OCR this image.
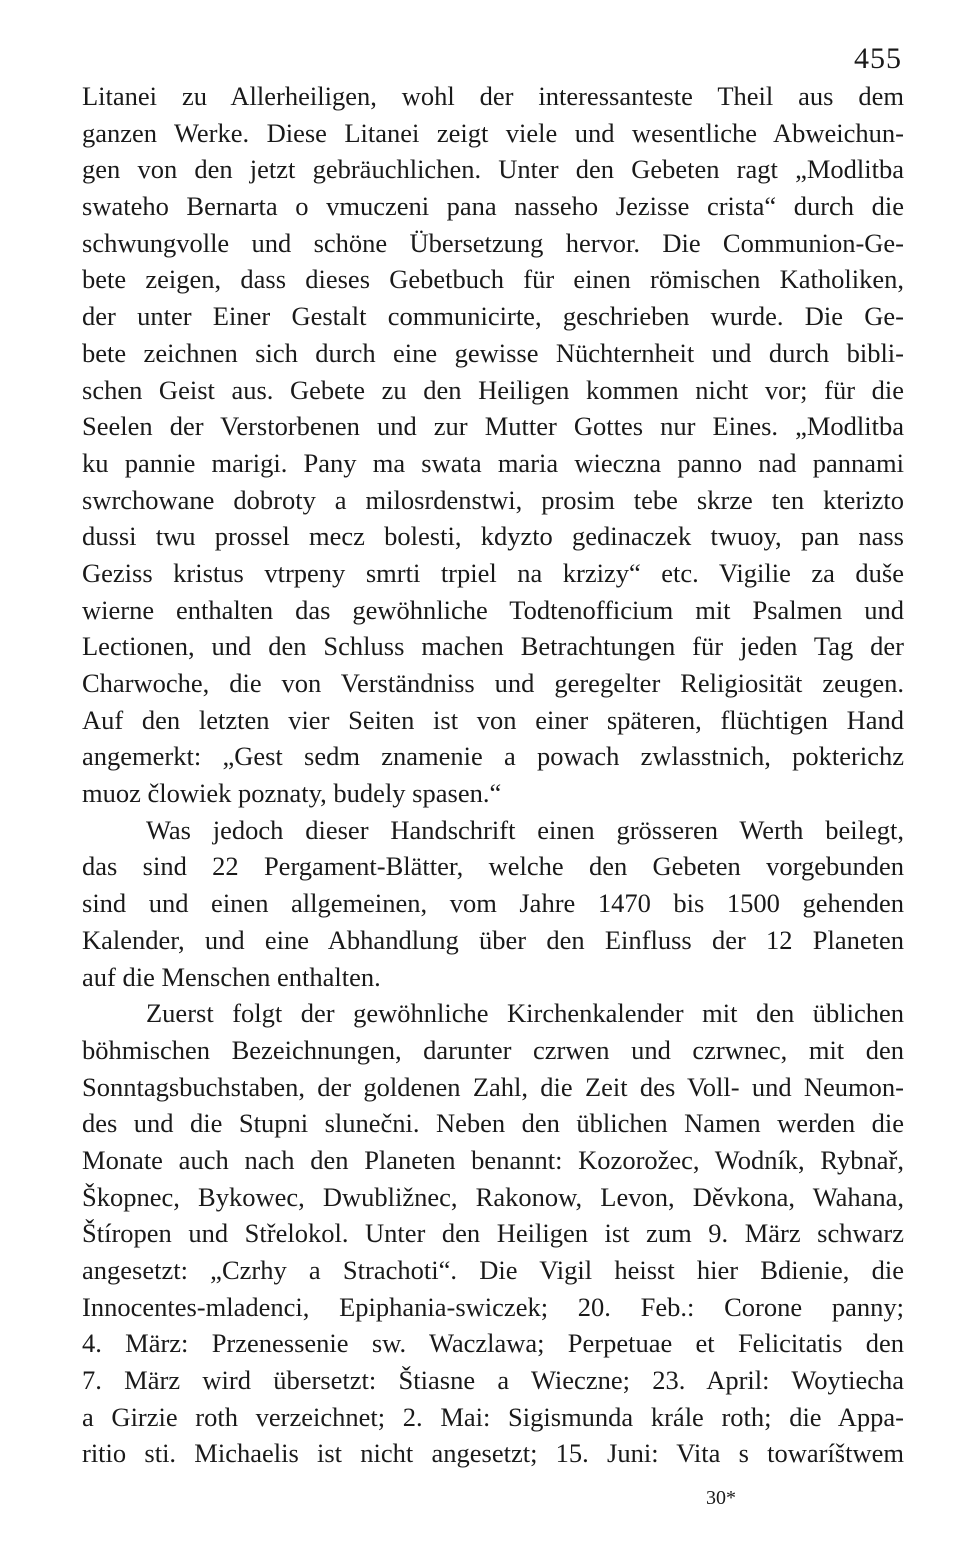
455
Litanei zu Allerheiligen, wohl der interessanteste Theil aus dem
ganzen Werke. Diese Litanei zeigt viele und wesentliche Abweichun-
gen von den jetzt gebräuchlichen. Unter den Gebeten ragt „Modlitba
swateho Bernarta o vmuczeni pana nasseho Jezisse crista“ durch die
schwungvolle und schöne Übersetzung hervor. Die Communion-Ge-
bete zeigen, dass dieses Gebetbuch für einen römischen Katholiken,
der unter Einer Gestalt communicirte, geschrieben wurde. Die Ge-
bete zeichnen sich durch eine gewisse Nüchternheit und durch bibli-
schen Geist aus. Gebete zu den Heiligen kommen nicht vor; für die
Seelen der Verstorbenen und zur Mutter Gottes nur Eines. „Modlitba
ku pannie marigi. Pany ma swata maria wieczna panno nad pannami
swrchowane dobroty a milosrdenstwi, prosim tebe skrze ten kterizto
dussi twu prossel mecz bolesti, kdyzto gedinaczek twuoy, pan nass
Geziss kristus vtrpeny smrti trpiel na krzizy“ etc. Vigilie za duše
wierne enthalten das gewöhnliche Todtenofficium mit Psalmen und
Lectionen, und den Schluss machen Betrachtungen für jeden Tag der
Charwoche, die von Verständniss und geregelter Religiosität zeugen.
Auf den letzten vier Seiten ist von einer späteren, flüchtigen Hand
angemerkt: „Gest sedm znamenie a powach zwlasstnich, pokterichz
muoz člowiek poznaty, budely spasen.“
Was jedoch dieser Handschrift einen grösseren Werth beilegt,
das sind 22 Pergament-Blätter, welche den Gebeten vorgebunden
sind und einen allgemeinen, vom Jahre 1470 bis 1500 gehenden
Kalender, und eine Abhandlung über den Einfluss der 12 Planeten
auf die Menschen enthalten.
Zuerst folgt der gewöhnliche Kirchenkalender mit den üblichen
böhmischen Bezeichnungen, darunter czrwen und czrwnec, mit den
Sonntagsbuchstaben, der goldenen Zahl, die Zeit des Voll- und Neumon-
des und die Stupni slunečni. Neben den üblichen Namen werden die
Monate auch nach den Planeten benannt: Kozorožec, Wodník, Rybnař,
Škopnec, Bykowec, Dwubližnec, Rakonow, Levon, Děvkona, Wahana,
Štíropen und Střelokol. Unter den Heiligen ist zum 9. März schwarz
angesetzt: „Czrhy a Strachoti“. Die Vigil heisst hier Bdienie, die
Innocentes-mladenci, Epiphania-swiczek; 20. Feb.: Corone panny;
4. März: Przenessenie sw. Waczlawa; Perpetuae et Felicitatis den
7. März wird übersetzt: Štiasne a Wieczne; 23. April: Woytiecha
a Girzie roth verzeichnet; 2. Mai: Sigismunda krále roth; die Appa-
ritio sti. Michaelis ist nicht angesetzt; 15. Juni: Vita s towaríštwem
30*
